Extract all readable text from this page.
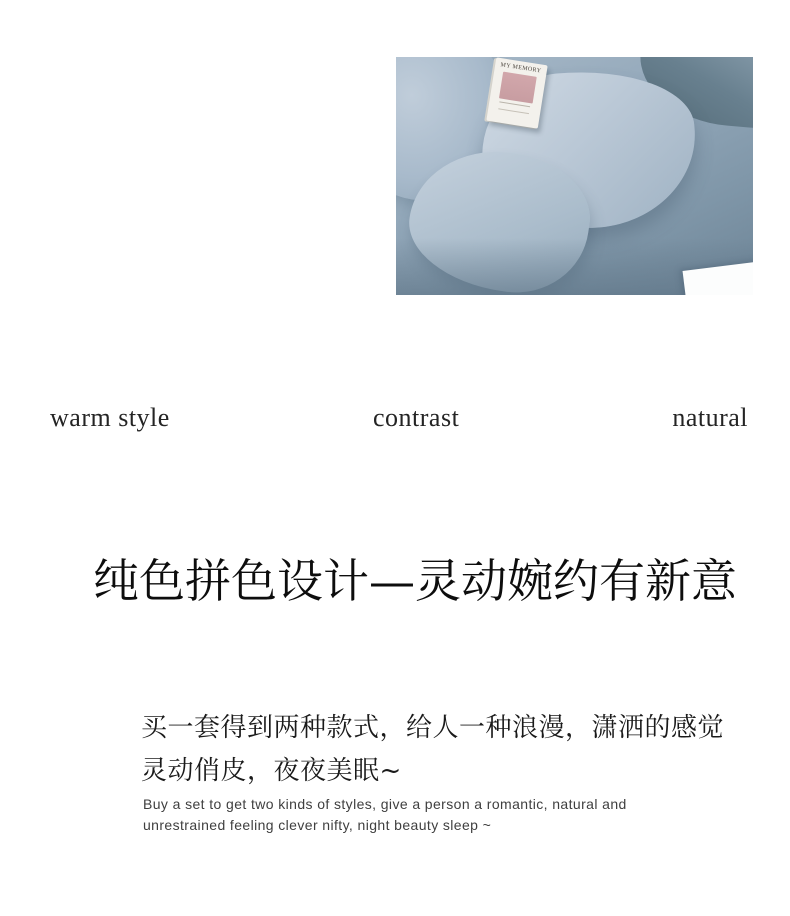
MY MEMORY
warm style	contrast	natural
纯色拼色设计—灵动婉约有新意
买一套得到两种款式，给人一种浪漫，潇洒的感觉
灵动俏皮，夜夜美眠~
Buy a set to get two kinds of styles, give a person a romantic, natural and
unrestrained feeling clever nifty, night beauty sleep ~
